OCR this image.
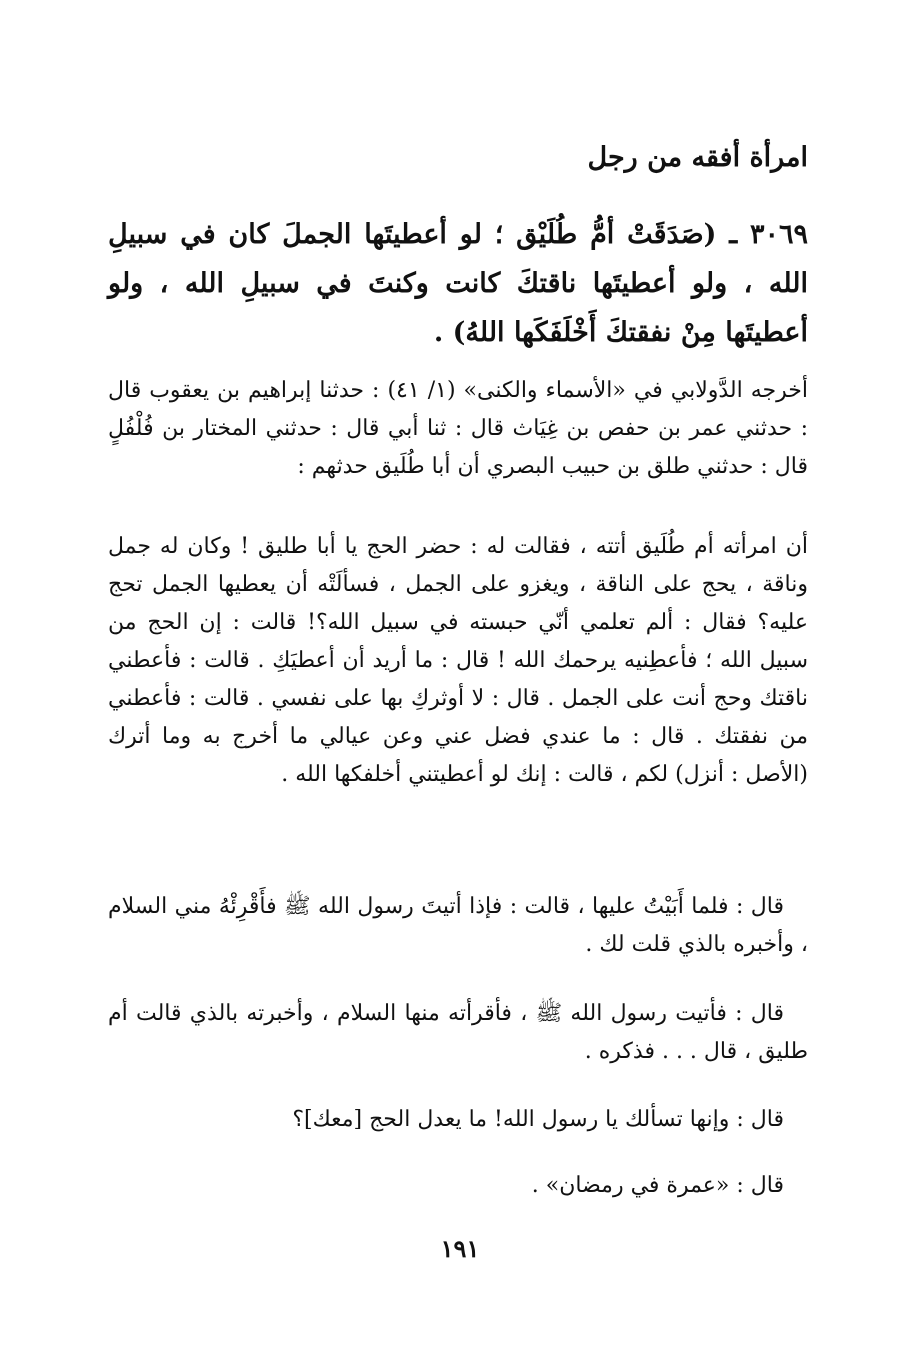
امرأة أفقه من رجل
٣٠٦٩ ـ (صَدَقَتْ أمُّ طُلَيْق ؛ لو أعطيتَها الجملَ كان في سبيلِ الله ، ولو أعطيتَها ناقتكَ كانت وكنتَ في سبيلِ الله ، ولو أعطيتَها مِنْ نفقتكَ أَخْلَفَكَها اللهُ) .
أخرجه الدَّولابي في «الأسماء والكنى» (١/ ٤١) : حدثنا إبراهيم بن يعقوب قال : حدثني عمر بن حفص بن غِيَاث قال : ثنا أبي قال : حدثني المختار بن فُلْفُلٍ قال : حدثني طلق بن حبيب البصري أن أبا طُلَيق حدثهم :
أن امرأته أم طُلَيق أتته ، فقالت له : حضر الحج يا أبا طليق ! وكان له جمل وناقة ، يحج على الناقة ، ويغزو على الجمل ، فسألَتْه أن يعطيها الجمل تحج عليه؟ فقال : ألم تعلمي أنّي حبسته في سبيل الله؟! قالت : إن الحج من سبيل الله ؛ فأعطِنيه يرحمك الله ! قال : ما أريد أن أعطيَكِ . قالت : فأعطني ناقتك وحج أنت على الجمل . قال : لا أوثركِ بها على نفسي . قالت : فأعطني من نفقتك . قال : ما عندي فضل عني وعن عيالي ما أخرج به وما أترك (الأصل : أنزل) لكم ، قالت : إنك لو أعطيتني أخلفكها الله .
قال : فلما أَبَيْتُ عليها ، قالت : فإذا أتيتَ رسول الله ﷺ فأَقْرِئْهُ مني السلام ، وأخبره بالذي قلت لك .
قال : فأتيت رسول الله ﷺ ، فأقرأته منها السلام ، وأخبرته بالذي قالت أم طليق ، قال . . . فذكره .
قال : وإنها تسألك يا رسول الله! ما يعدل الحج [معك]؟
قال : «عمرة في رمضان» .
١٩١
